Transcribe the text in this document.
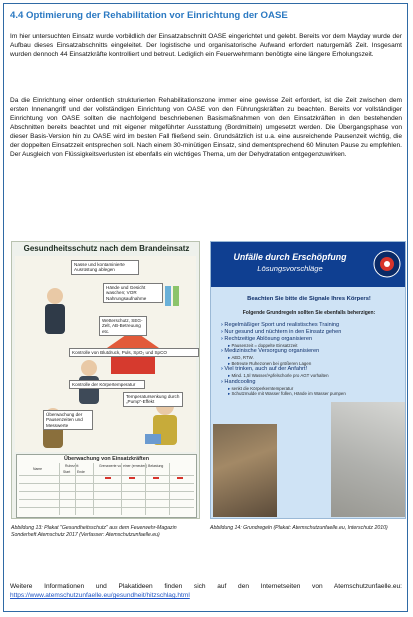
4.4 Optimierung der Rehabilitation vor Einrichtung der OASE

Im hier untersuchten Einsatz wurde vorbildlich der Einsatzabschnitt OASE eingerichtet und gelebt. Bereits vor dem Mayday wurde der Aufbau dieses Einsatzabschnitts eingeleitet. Der logistische und organisatorische Aufwand erfordert naturgemäß Zeit. Insgesamt wurden dennoch 44 Einsatzkräfte kontrolliert und betreut. Lediglich ein Feuerwehrmann benötigte eine längere Erholungszeit.

Da die Einrichtung einer ordentlich strukturierten Rehabilitationszone immer eine gewisse Zeit erfordert, ist die Zeit zwischen dem ersten Innenangriff und der vollständigen Einrichtung von OASE von den Führungskräften zu beachten. Bereits vor vollständiger Einrichtung von OASE sollten die nachfolgend beschriebenen Basismaßnahmen von den Einsatzkräften in den bestehenden Abschnitten bereits beachtet und mit eigener mitgeführter Ausstattung (Bordmitteln) umgesetzt werden. Die Übergangsphase von dieser Basis-Version hin zu OASE wird im besten Fall fließend sein. Grundsätzlich ist u.a. eine ausreichende Pausenzeit wichtig, die der doppelten Einsatzzeit entsprechen soll. Nach einem 30-minütigen Einsatz, sind dementsprechend 60 Minuten Pause zu empfehlen. Der Ausgleich von Flüssigkeitsverlusten ist ebenfalls ein wichtiges Thema, um der Dehydratation entgegenzuwirken.

Gesundheitsschutz nach dem Brandeinsatz
Nasse und kontaminierte Ausrüstung ablegen
Hände und Gesicht waschen; VOR Nahrungsaufnahme
Wetterschutz, SEG-Zelt, AB-Betreuung etc.
Kontrolle von Blutdruck, Puls, SpO₂ und SpCO
Kontrolle der Körpertemperatur
Temperatursenkung durch „Pump“-Effekt
Überwachung der Pausenzeiten und Messwerte
Überwachung von Einsatzkräften
Name
Ruhezeit
Start Ende
Grenzwerte vor einer (erneuten) Belastung
Unfälle durch Erschöpfung
Lösungsvorschläge
Beachten Sie bitte die Signale Ihres Körpers!
Folgende Grundregeln sollten Sie ebenfalls beherzigen:
› Regelmäßiger Sport und realistisches Training
› Nur gesund und nüchtern in den Einsatz gehen
› Rechtzeitige Ablösung organisieren
▸ Pausenzeit = doppelte Einsatzzeit
› Medizinische Versorgung organisieren
▸ AED, RTW.
▸ Betreute Ruhezonen bei größeren Lagen
› Viel trinken, auch auf der Anfahrt!
▸ Mind. 1,5l Wasser/Apfelschorle pro AGT vorhalten
› Handcooling
▸ senkt die Körperkerntemperatur
▸ Schutzmulde mit Wasser füllen, Hände im Wasser pumpen

Abbildung 13: Plakat "Gesundheitsschutz" aus dem Feuerwehr-Magazin Sonderheft Atemschutz 2017 (Verfasser: Atemschutzunfaelle.eu)

Abbildung 14: Grundregeln (Plakat: Atemschutzunfaelle.eu, Interschutz 2010)

Weitere Informationen und Plakatideen finden sich auf den Internetseiten von Atemschutzunfaelle.eu: https://www.atemschutzunfaelle.eu/gesundheit/hitzschlag.html
